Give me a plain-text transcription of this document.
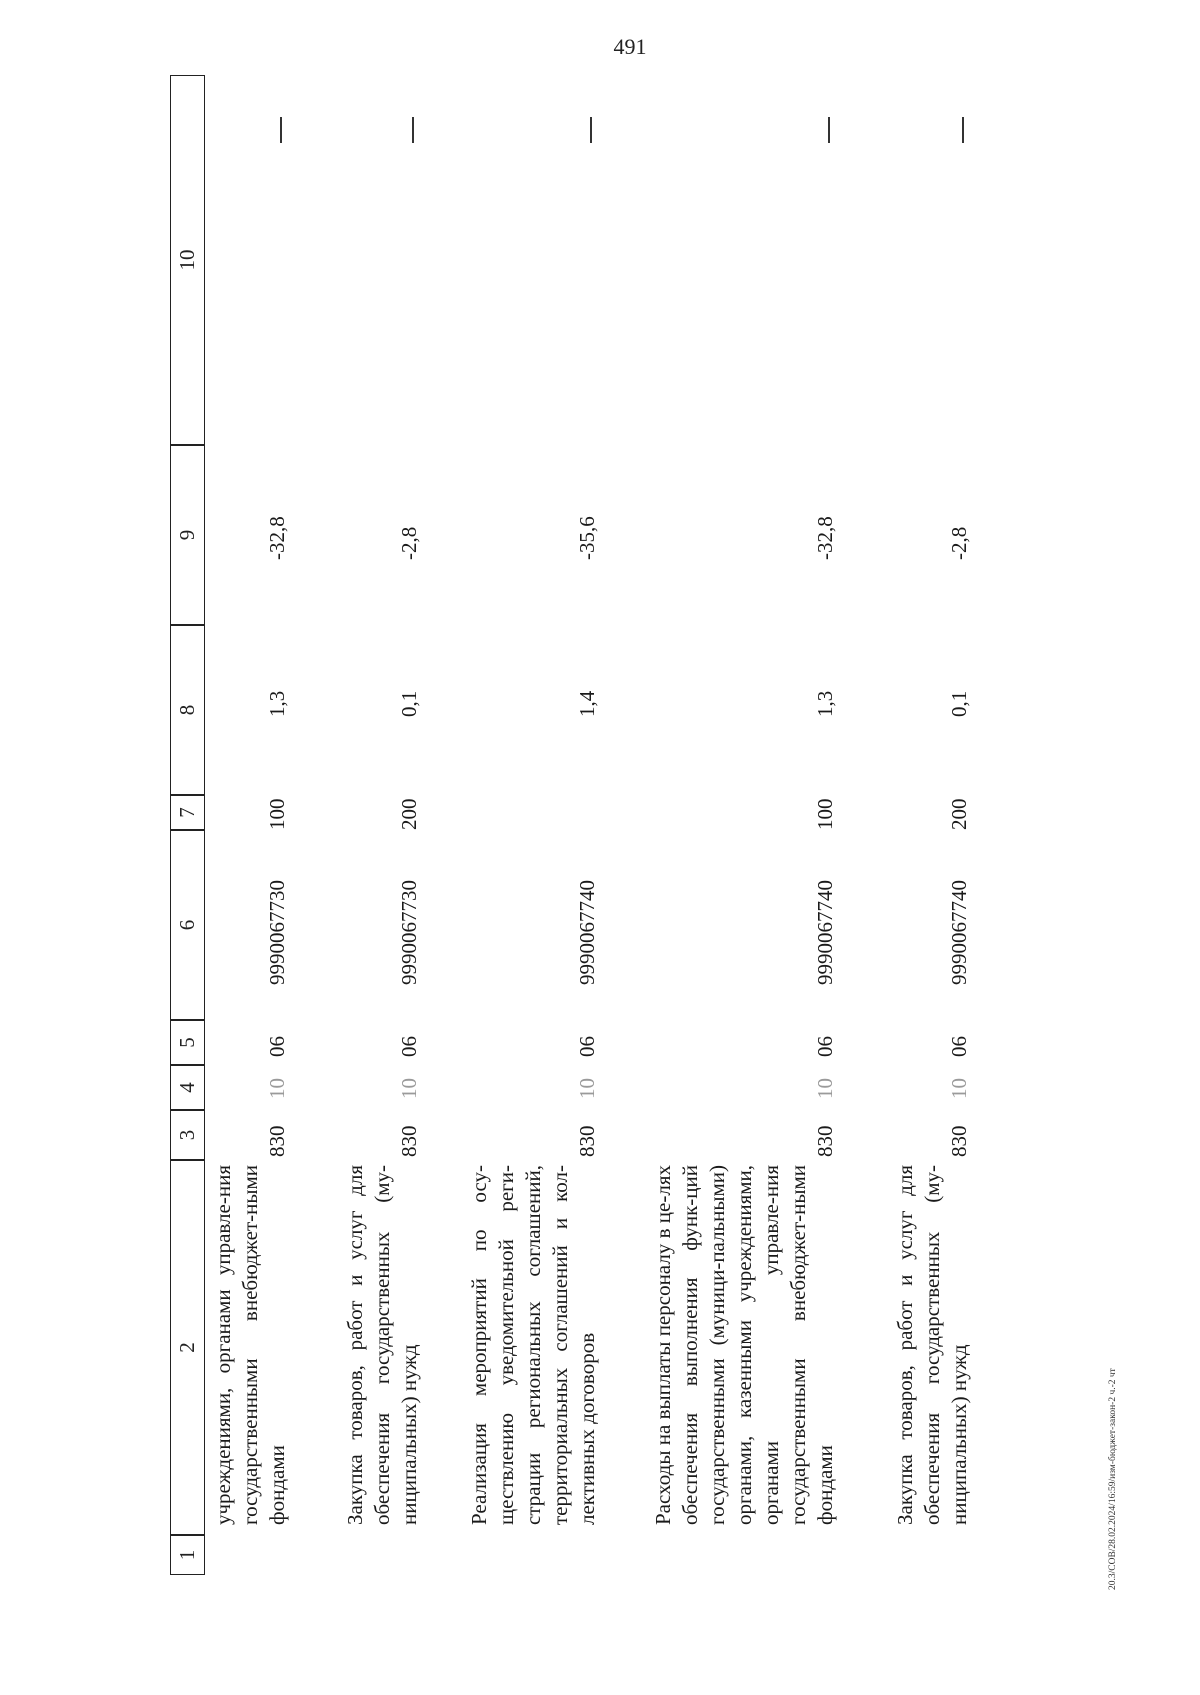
491
20.3/СОВ/28.02.2024/16:59/изм-бюджет-закон-2 ч.-2 чт
1
2
3
4
5
6
7
8
9
10
учреждениями, органами управле-ния государственными внебюджет-ными фондами
830
10
06
9990067730
100
1,3
-32,8
Закупка товаров, работ и услуг для обеспечения государственных (му-ниципальных) нужд
830
10
06
9990067730
200
0,1
-2,8
Реализация мероприятий по осу-ществлению уведомительной реги-страции региональных соглашений, территориальных соглашений и кол-лективных договоров
830
10
06
9990067740
1,4
-35,6
Расходы на выплаты персоналу в це-лях обеспечения выполнения функ-ций государственными (муници-пальными) органами, казенными учреждениями, органами управле-ния государственными внебюджет-ными фондами
830
10
06
9990067740
100
1,3
-32,8
Закупка товаров, работ и услуг для обеспечения государственных (му-ниципальных) нужд
830
10
06
9990067740
200
0,1
-2,8
